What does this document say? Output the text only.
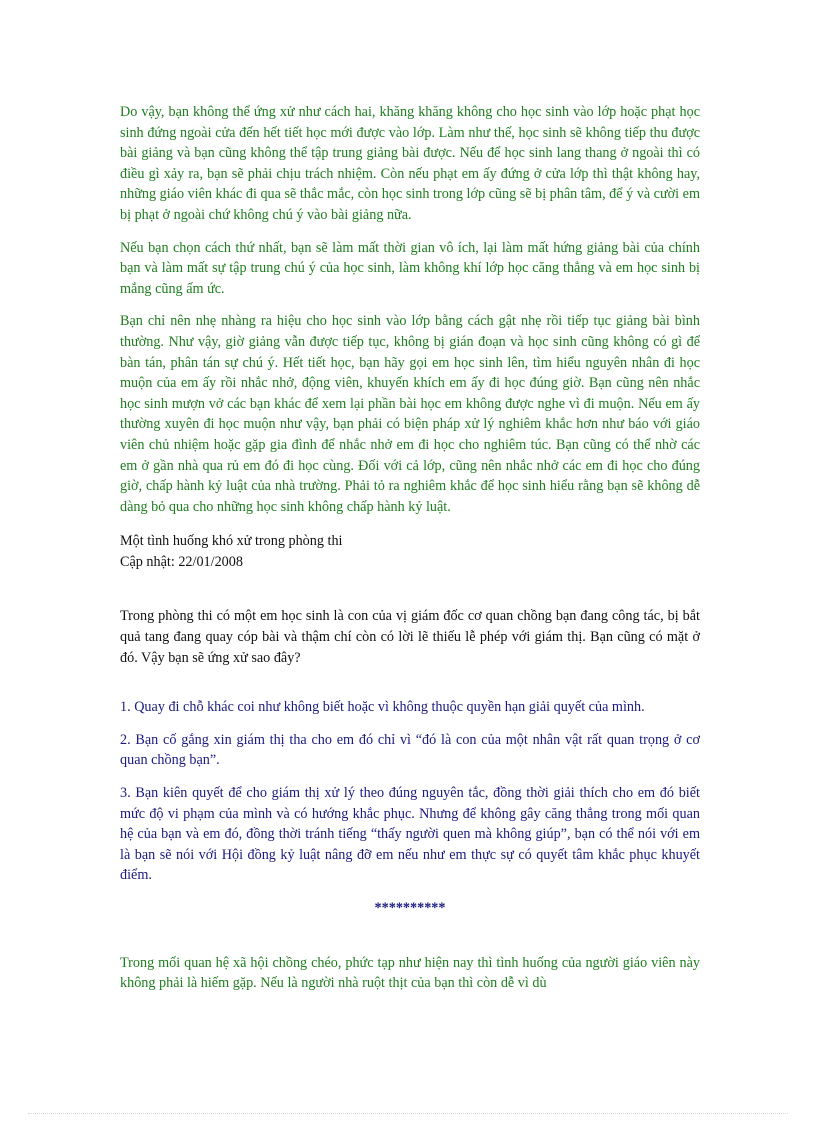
Do vậy, bạn không thể ứng xử như cách hai, khăng khăng không cho học sinh vào lớp hoặc phạt học sinh đứng ngoài cửa đến hết tiết học mới được vào lớp. Làm như thế, học sinh sẽ không tiếp thu được bài giảng và bạn cũng không thể tập trung giảng bài được. Nếu để học sinh lang thang ở ngoài thì có điều gì xảy ra, bạn sẽ phải chịu trách nhiệm. Còn nếu phạt em ấy đứng ở cửa lớp thì thật không hay, những giáo viên khác đi qua sẽ thắc mắc, còn học sinh trong lớp cũng sẽ bị phân tâm, để ý và cười em bị phạt ở ngoài chứ không chú ý vào bài giảng nữa.

Nếu bạn chọn cách thứ nhất, bạn sẽ làm mất thời gian vô ích, lại làm mất hứng giảng bài của chính bạn và làm mất sự tập trung chú ý của học sinh, làm không khí lớp học căng thẳng và em học sinh bị mắng cũng ấm ức.

Bạn chỉ nên nhẹ nhàng ra hiệu cho học sinh vào lớp bằng cách gật nhẹ rồi tiếp tục giảng bài bình thường. Như vậy, giờ giảng vẫn được tiếp tục, không bị gián đoạn và học sinh cũng không có gì để bàn tán, phân tán sự chú ý. Hết tiết học, bạn hãy gọi em học sinh lên, tìm hiểu nguyên nhân đi học muộn của em ấy rồi nhắc nhở, động viên, khuyến khích em ấy đi học đúng giờ. Bạn cũng nên nhắc học sinh mượn vở các bạn khác để xem lại phần bài học em không được nghe vì đi muộn. Nếu em ấy thường xuyên đi học muộn như vậy, bạn phải có biện pháp xử lý nghiêm khắc hơn như báo với giáo viên chủ nhiệm hoặc gặp gia đình để nhắc nhở em đi học cho nghiêm túc. Bạn cũng có thể nhờ các em ở gần nhà qua rủ em đó đi học cùng. Đối với cả lớp, cũng nên nhắc nhở các em đi học cho đúng giờ, chấp hành kỷ luật của nhà trường. Phải tỏ ra nghiêm khắc để học sinh hiểu rằng bạn sẽ không dễ dàng bỏ qua cho những học sinh không chấp hành kỷ luật.

Một tình huống khó xử trong phòng thi

Cập nhật: 22/01/2008

Trong phòng thi có một em học sinh là con của vị giám đốc cơ quan chồng bạn đang công tác, bị bắt quả tang đang quay cóp bài và thậm chí còn có lời lẽ thiếu lễ phép với giám thị. Bạn cũng có mặt ở đó. Vậy bạn sẽ ứng xử sao đây?

1. Quay đi chỗ khác coi như không biết hoặc vì không thuộc quyền hạn giải quyết của mình.

2. Bạn cố gắng xin giám thị tha cho em đó chỉ vì “đó là con của một nhân vật rất quan trọng ở cơ quan chồng bạn”.

3. Bạn kiên quyết để cho giám thị xử lý theo đúng nguyên tắc, đồng thời giải thích cho em đó biết mức độ vi phạm của mình và có hướng khắc phục. Nhưng để không gây căng thẳng trong mối quan hệ của bạn và em đó, đồng thời tránh tiếng “thấy người quen mà không giúp”, bạn có thể nói với em là bạn sẽ nói với Hội đồng kỷ luật nâng đỡ em nếu như em thực sự có quyết tâm khắc phục khuyết điểm.

**********

Trong mối quan hệ xã hội chồng chéo, phức tạp như hiện nay thì tình huống của người giáo viên này không phải là hiếm gặp. Nếu là người nhà ruột thịt của bạn thì còn dễ vì dù
